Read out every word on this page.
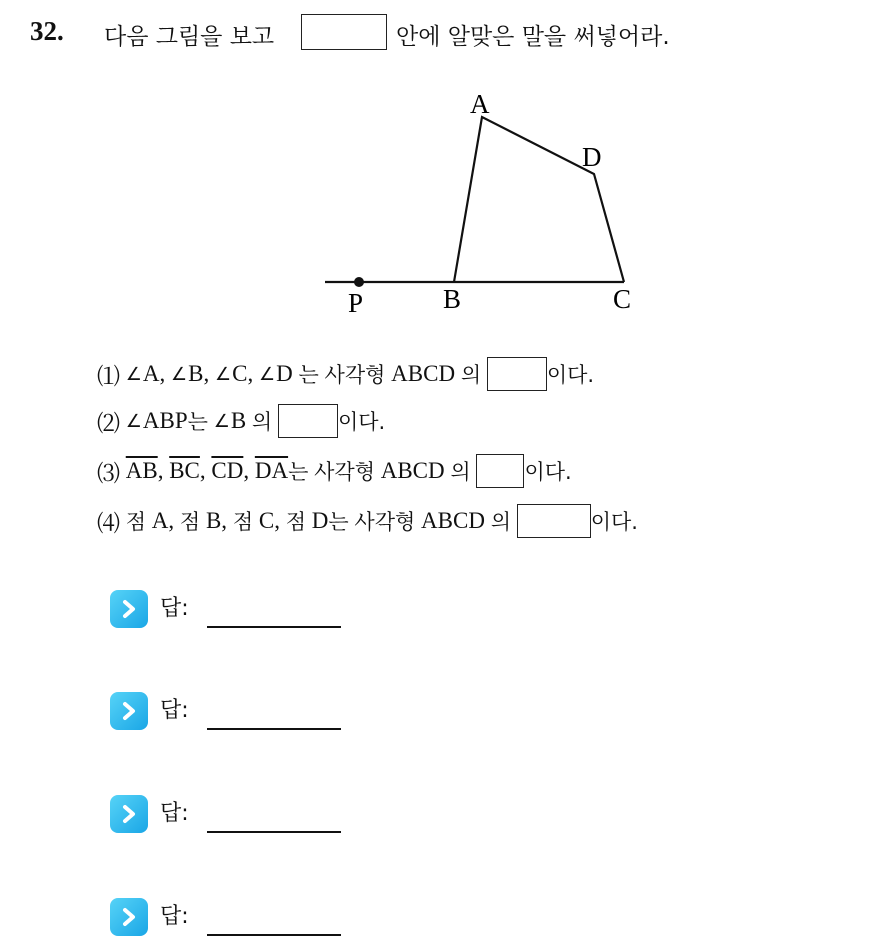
32. 다음 그림을 보고	안에 알맞은 말을 써넣어라.
A
D
B	C
P
⑴
∠ A,
∠ B,
∠ C,
∠ D
는
사각형
ABCD
의
	이다.
⑵
∠ ABP 는
∠ B
의
	이다.
⑶
$\overline{AB}$ , $\overline{BC}$ , $\overline{CD}$ , $\overline{DA}$ 는
사각형
ABCD
의
	이다.
⑷
점
A,
점
B,
점
C,
점
D 는
사각형
ABCD
의
	이다.
답:
답:
답:
답:
